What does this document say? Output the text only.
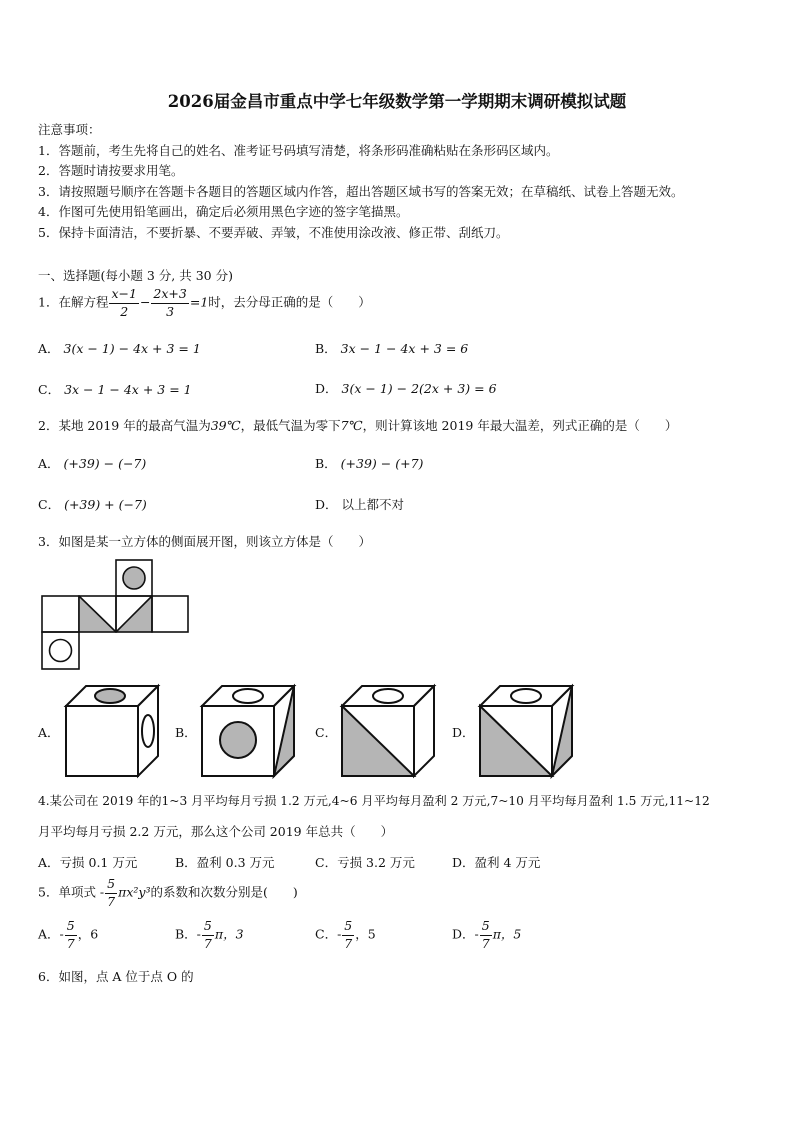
2026届金昌市重点中学七年级数学第一学期期末调研模拟试题
注意事项：
1．答题前，考生先将自己的姓名、准考证号码填写清楚，将条形码准确粘贴在条形码区域内。
2．答题时请按要求用笔。
3．请按照题号顺序在答题卡各题目的答题区域内作答，超出答题区域书写的答案无效；在草稿纸、试卷上答题无效。
4．作图可先使用铅笔画出，确定后必须用黑色字迹的签字笔描黑。
5．保持卡面清洁，不要折暴、不要弄破、弄皱，不准使用涂改液、修正带、刮纸刀。
一、选择题(每小题 3 分, 共 30 分)
1．在解方程 $\frac{x-1}{2} - \frac{2x+3}{3} =1$时，去分母正确的是（　　）
A． 3(x − 1) − 4x + 3 = 1	B． 3x − 1 − 4x + 3 = 6
C． 3x − 1 − 4x + 3 = 1	D． 3(x − 1) − 2(2x + 3) = 6
2．某地 2019 年的最高气温为39℃，最低气温为零下7℃，则计算该地 2019 年最大温差，列式正确的是（　　）
A． (+39) − (−7)	B． (+39) − (+7)
C． (+39) + (−7)	D． 以上都不对
3．如图是某一立方体的侧面展开图，则该立方体是（　　）
A．	B．	C．	D．
4.某公司在 2019 年的1~3 月平均每月亏损 1.2 万元,4~6 月平均每月盈利 2 万元,7~10 月平均每月盈利 1.5 万元,11~12
月平均每月亏损 2.2 万元，那么这个公司 2019 年总共（　　）
A．亏损 0.1 万元	B．盈利 0.3 万元	C．亏损 3.2 万元	D．盈利 4 万元
5．单项式 - $\frac{5}{7} \pi x^2y^3$的系数和次数分别是(　　)
A．- $\frac{5}{7}$ ，6	B．- $\frac{5}{7}$ π，3	C．- $\frac{5}{7}$ ，5	D．- $\frac{5}{7}$ π，5
6．如图，点 A 位于点 O 的
